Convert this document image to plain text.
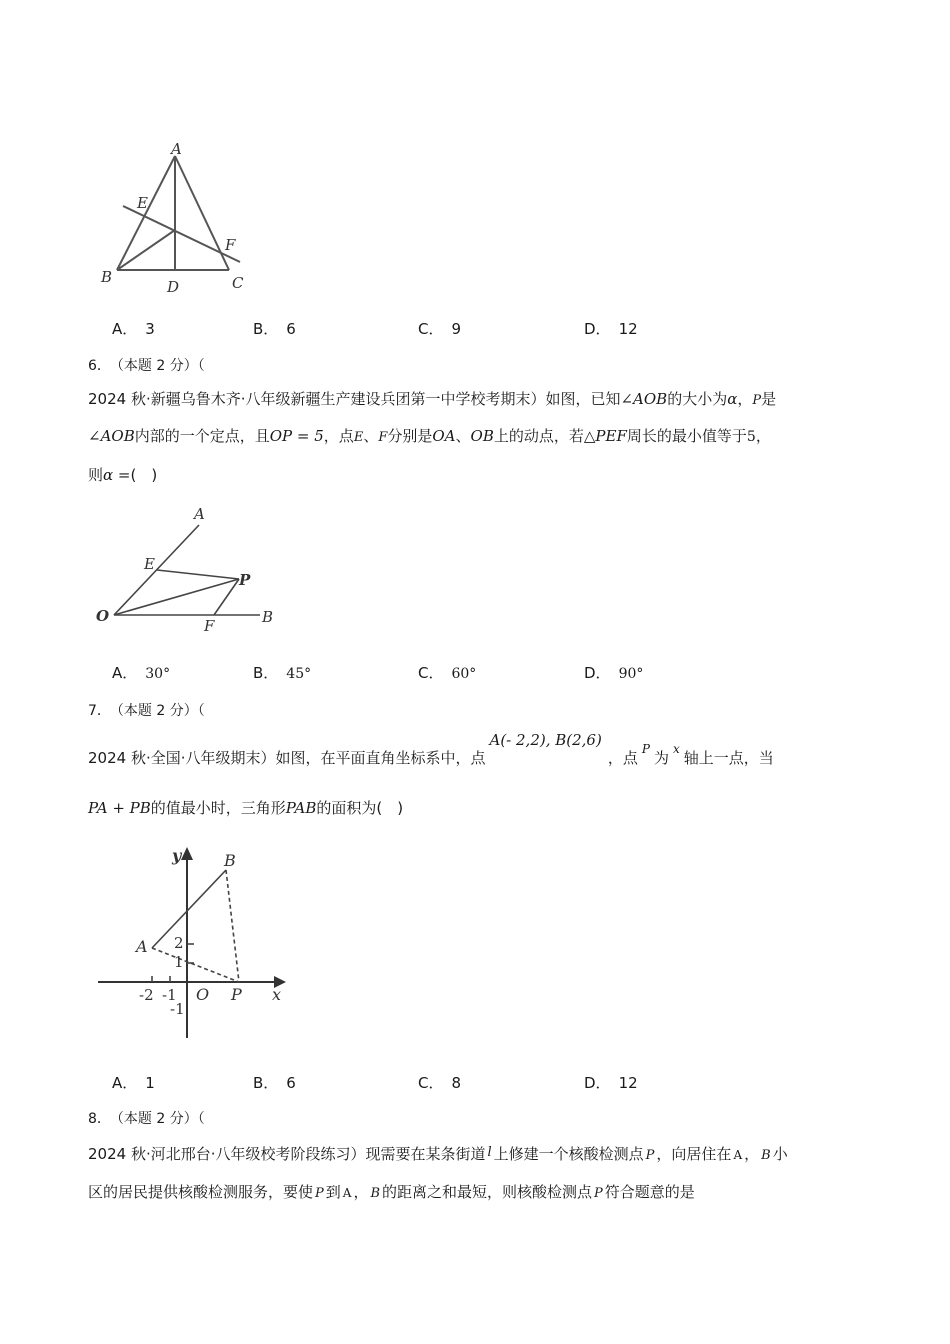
A
E
F
B
D	C
A． 3	B． 6	C． 9	D． 12
6． （本题 2 分）（
2024 秋·新疆乌鲁木齐·八年级新疆生产建设兵团第一中学校考期末）如图，已知∠AOB的大小为α，P是
∠AOB内部的一个定点，且OP = 5，点E、F分别是OA、OB上的动点，若△PEF周长的最小值等于5，
则α =(　)
A
E
P
O
F	B
A． 30°	B． 45°	C． 60°	D． 90°
7． （本题 2 分）（
2024 秋·全国·八年级期末）如图，在平面直角坐标系中，点A(- 2,2), B(2,6)，点 $^P$ 为 $^x$ 轴上一点，当
PA + PB的值最小时，三角形PAB的面积为(　)
y	B
A 2
1
-2 -1 O P x
-1
A． 1	B． 6	C． 8	D． 12
8． （本题 2 分）（
2024 秋·河北邢台·八年级校考阶段练习）现需要在某条街道 l 上修建一个核酸检测点 P ，向居住在 A ， B 小
区的居民提供核酸检测服务，要使 P 到 A ， B 的距离之和最短，则核酸检测点 P 符合题意的是
